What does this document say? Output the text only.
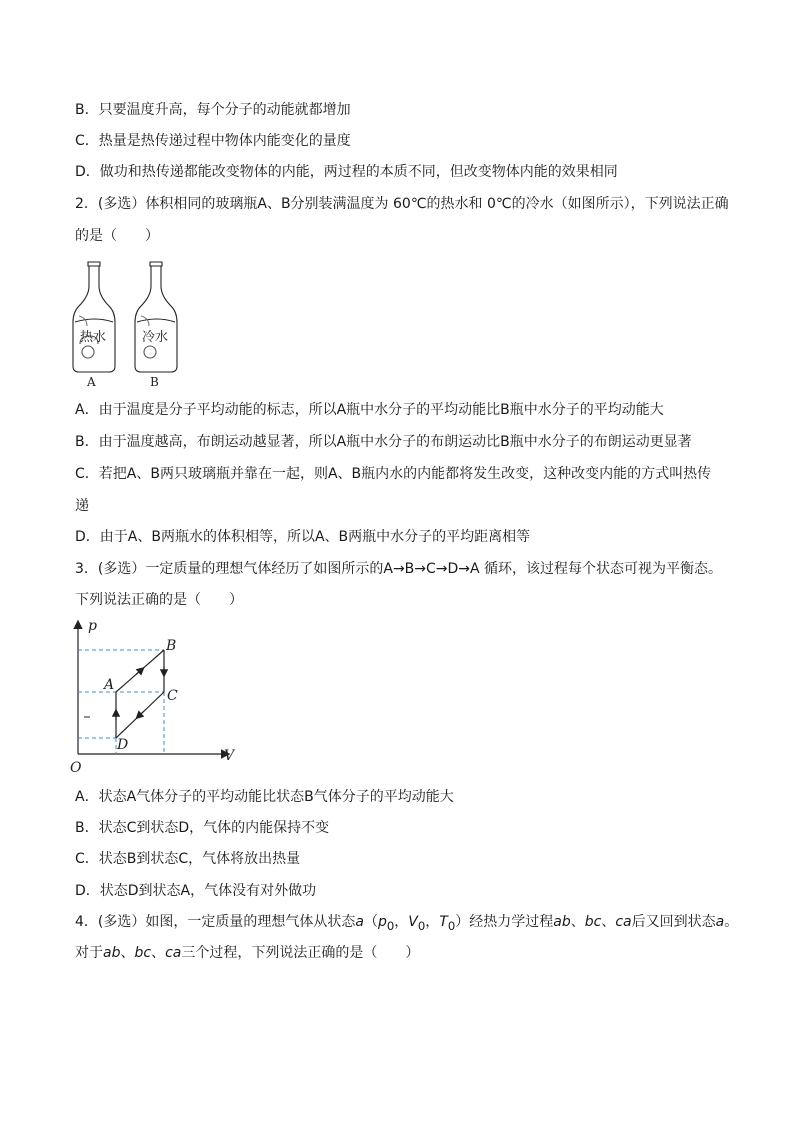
B．只要温度升高，每个分子的动能就都增加
C．热量是热传递过程中物体内能变化的量度
D．做功和热传递都能改变物体的内能，两过程的本质不同，但改变物体内能的效果相同
2．(多选）体积相同的玻璃瓶A、B分别装满温度为 60℃的热水和 0℃的冷水（如图所示），下列说法正确
的是（　　）
热水	冷水
A	B
A．由于温度是分子平均动能的标志，所以A瓶中水分子的平均动能比B瓶中水分子的平均动能大
B．由于温度越高，布朗运动越显著，所以A瓶中水分子的布朗运动比B瓶中水分子的布朗运动更显著
C．若把A、B两只玻璃瓶并靠在一起，则A、B瓶内水的内能都将发生改变，这种改变内能的方式叫热传
递
D．由于A、B两瓶水的体积相等，所以A、B两瓶中水分子的平均距离相等
3．(多选）一定质量的理想气体经历了如图所示的A→B→C→D→A 循环，该过程每个状态可视为平衡态。
下列说法正确的是（　　）
p
V
O
A
B
C
D
A．状态A气体分子的平均动能比状态B气体分子的平均动能大
B．状态C到状态D，气体的内能保持不变
C．状态B到状态C，气体将放出热量
D．状态D到状态A，气体没有对外做功
4．(多选）如图，一定质量的理想气体从状态$a(p_0$，$V_0$，$T_0$）经热力学过程ab、bc、ca后又回到状态a。
对于ab、bc、ca三个过程，下列说法正确的是（　　）
